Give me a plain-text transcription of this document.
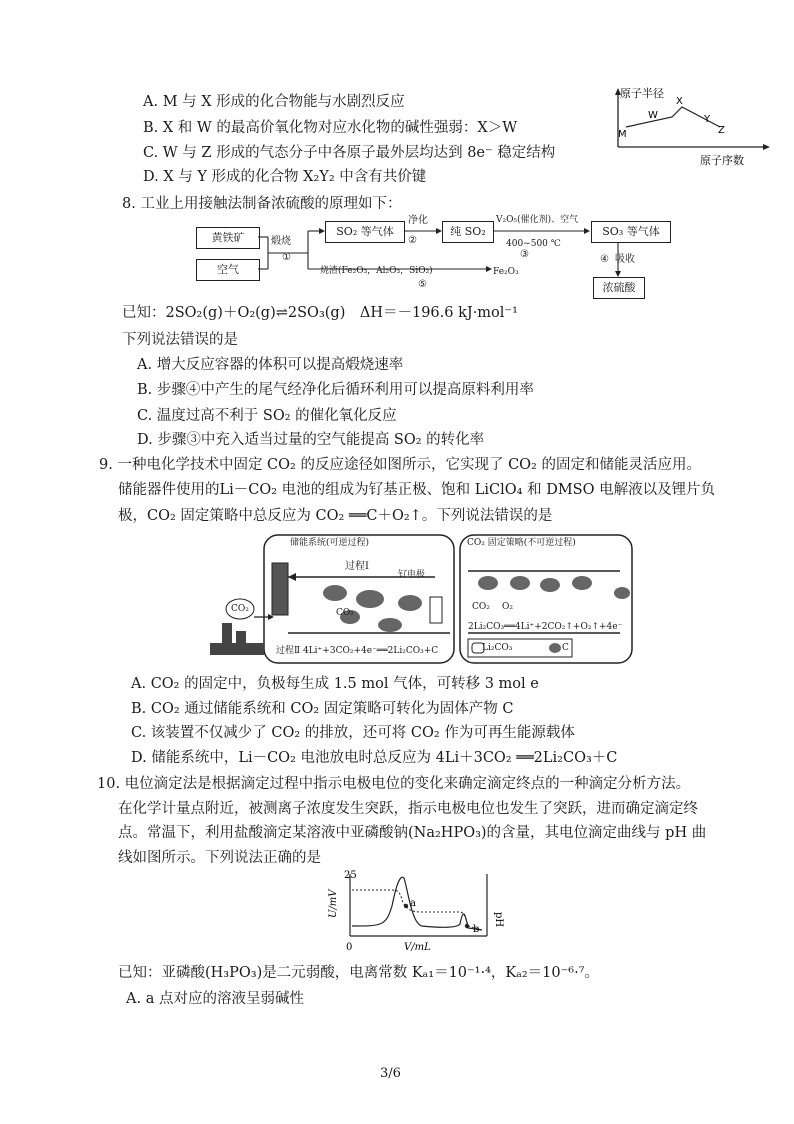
A. M 与 X 形成的化合物能与水剧烈反应
B. X 和 W 的最高价氧化物对应水化物的碱性强弱：X＞W
C. W 与 Z 形成的气态分子中各原子最外层均达到 8e⁻ 稳定结构
D. X 与 Y 形成的化合物 X₂Y₂ 中含有共价键
原子半径
原子序数
M
W
X
Y
Z
8. 工业上用接触法制备浓硫酸的原理如下：
黄铁矿
空气
煅烧
①
SO₂ 等气体
净化
②
纯 SO₂
V₂O₅(催化剂)、空气
400~500 ℃
③
SO₃ 等气体
④ 吸收
浓硫酸
烧渣(Fe₂O₃，Al₂O₃，SiO₂)	Fe₂O₃
⑤
已知：2SO₂(g)＋O₂(g)⇌2SO₃(g)　ΔH＝－196.6 kJ·mol⁻¹
下列说法错误的是
A. 增大反应容器的体积可以提高煅烧速率
B. 步骤④中产生的尾气经净化后循环利用可以提高原料利用率
C. 温度过高不利于 SO₂ 的催化氧化反应
D. 步骤③中充入适当过量的空气能提高 SO₂ 的转化率
9. 一种电化学技术中固定 CO₂ 的反应途径如图所示，它实现了 CO₂ 的固定和储能灵活应用。
储能器件使用的Li－CO₂ 电池的组成为钌基正极、饱和 LiClO₄ 和 DMSO 电解液以及锂片负
极，CO₂ 固定策略中总反应为 CO₂ ══C＋O₂↑。下列说法错误的是
储能系统(可逆过程)	CO₂ 固定策略(不可逆过程)
过程Ⅰ
钌电极
CO₂	CO₂
CO₂ O₂
2Li₂CO₃══4Li⁺+2CO₂↑+O₂↑+4e⁻
Li₂CO₃	C
过程Ⅱ 4Li⁺+3CO₂+4e⁻══2Li₂CO₃+C
A. CO₂ 的固定中，负极每生成 1.5 mol 气体，可转移 3 mol e
B. CO₂ 通过储能系统和 CO₂ 固定策略可转化为固体产物 C
C. 该装置不仅减少了 CO₂ 的排放，还可将 CO₂ 作为可再生能源载体
D. 储能系统中，Li－CO₂ 电池放电时总反应为 4Li＋3CO₂ ══2Li₂CO₃＋C
10. 电位滴定法是根据滴定过程中指示电极电位的变化来确定滴定终点的一种滴定分析方法。
在化学计量点附近，被测离子浓度发生突跃，指示电极电位也发生了突跃，进而确定滴定终
点。常温下，利用盐酸滴定某溶液中亚磷酸钠(Na₂HPO₃)的含量，其电位滴定曲线与 pH 曲
线如图所示。下列说法正确的是
25
0	V/mL
U/mV
pH
a
b
已知：亚磷酸(H₃PO₃)是二元弱酸，电离常数 Kₐ₁＝10⁻¹·⁴，Kₐ₂＝10⁻⁶·⁷。
A. a 点对应的溶液呈弱碱性
3/6
